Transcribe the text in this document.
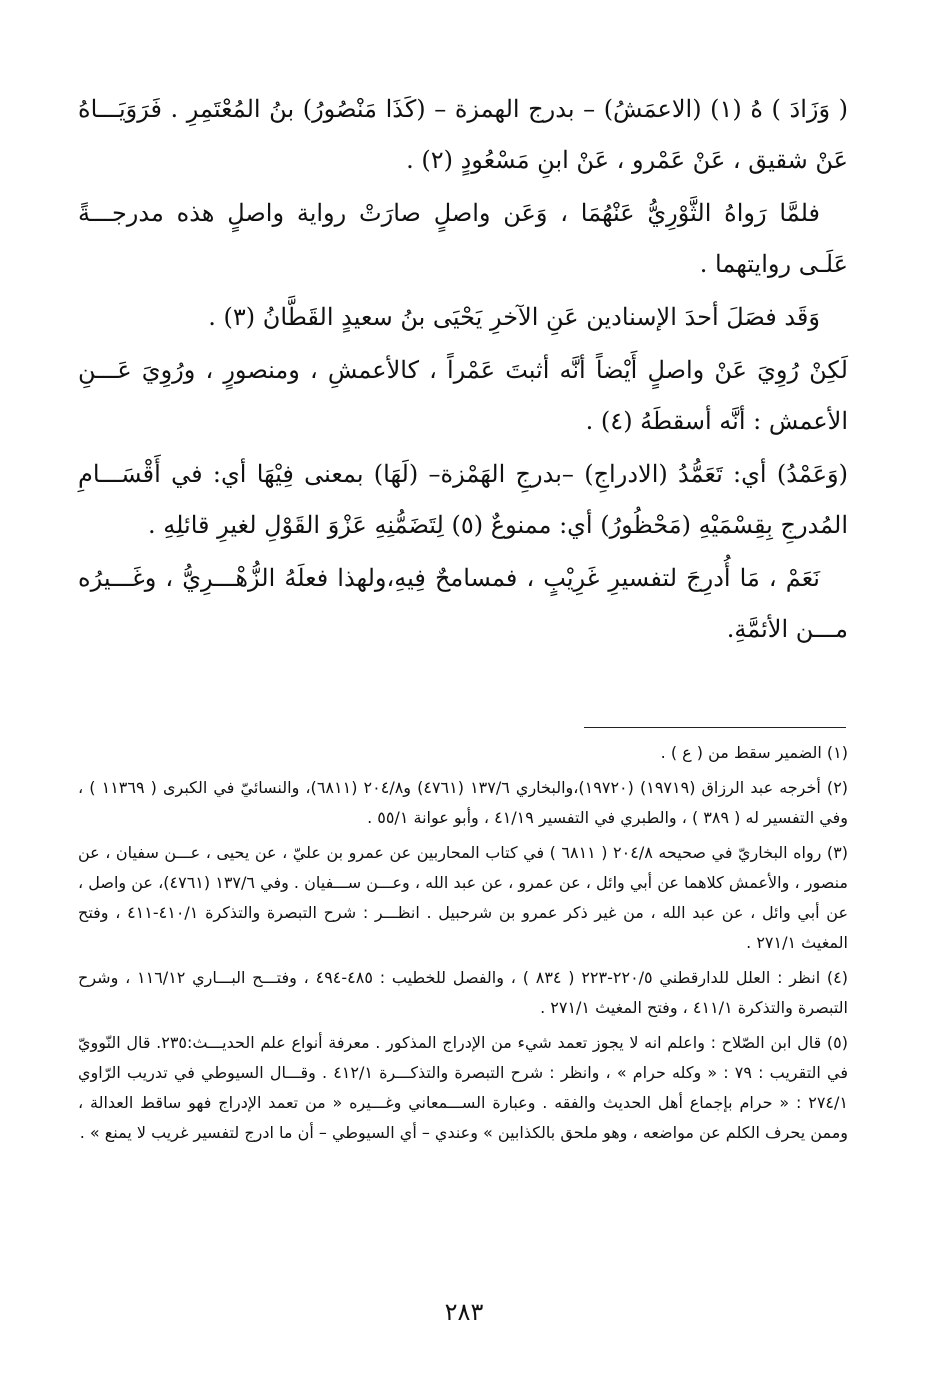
( وَزَادَ ) هُ (١) (الاعمَشُ) – بدرج الهمزة – (كَذَا مَنْصُورُ) بنُ المُعْتَمِرِ . فَرَوَيَـــاهُ عَنْ شقيق ، عَنْ عَمْرو ، عَنْ ابنِ مَسْعُودٍ (٢) .

فلمَّا رَواهُ الثَّوْرِيُّ عَنْهُمَا ، وَعَن واصلٍ صارَتْ رواية واصلٍ هذه مدرجـــةً عَلَـى روايتهما .

وَقَد فصَلَ أحدَ الإسنادين عَنِ الآخرِ يَحْيَى بنُ سعيدٍ القَطَّانُ (٣) .

لَكِنْ رُوِيَ عَنْ واصلٍ أَيْضاً أنَّه أثبتَ عَمْراً ، كالأعمشِ ، ومنصورٍ ، ورُوِيَ عَـــنِ الأعمش : أنَّه أسقطَهُ (٤) .

(وَعَمْدُ) أي: تَعَمُّدُ (الادراجِ) –بدرجِ الهَمْزة– (لَهَا) بمعنى فِيْهَا أي: في أَقْسَـــامِ المُدرجِ بِقِسْمَيْهِ (مَحْظُورُ) أي: ممنوعٌ (٥) لِتَضَمُّنِهِ عَزْوَ القَوْلِ لغيرِ قائلِهِ .

نَعَمْ ، مَا أُدرِجَ لتفسيرِ غَرِيْبٍ ، فمسامحٌ فِيهِ،ولهذا فعلَهُ الزُّهْـــرِيُّ ، وغَـــيرُه مـــن الأئمَّةِ.

(١) الضمير سقط من ( ع ) .

(٢) أخرجه عبد الرزاق (١٩٧١٩) (١٩٧٢٠)،والبخاري ١٣٧/٦ (٤٧٦١) و٢٠٤/٨ (٦٨١١)، والنسائيّ في الكبرى ( ١١٣٦٩ ) ، وفي التفسير له ( ٣٨٩ ) ، والطبري في التفسير ٤١/١٩ ، وأبو عوانة ٥٥/١ .

(٣) رواه البخاريّ في صحيحه ٢٠٤/٨ ( ٦٨١١ ) في كتاب المحاربين عن عمرو بن عليّ ، عن يحيى ، عـــن سفيان ، عن منصور ، والأعمش كلاهما عن أبي وائل ، عن عمرو ، عن عبد الله ، وعـــن ســـفيان . وفي ١٣٧/٦ (٤٧٦١)، عن واصل ، عن أبي وائل ، عن عبد الله ، من غير ذكر عمرو بن شرحبيل . انظـــر : شرح التبصرة والتذكرة ٤١٠/١-٤١١ ، وفتح المغيث ٢٧١/١ .

(٤) انظر : العلل للدارقطني ٢٢٠/٥-٢٢٣ ( ٨٣٤ ) ، والفصل للخطيب : ٤٨٥-٤٩٤ ، وفتـــح البـــاري ١١٦/١٢ ، وشرح التبصرة والتذكرة ٤١١/١ ، وفتح المغيث ٢٧١/١ .

(٥) قال ابن الصّلاح : واعلم انه لا يجوز تعمد شيء من الإدراج المذكور . معرفة أنواع علم الحديـــث:٢٣٥. قال النّوويّ في التقريب : ٧٩ : « وكله حرام » ، وانظر : شرح التبصرة والتذكـــرة ٤١٢/١ . وقـــال السيوطي في تدريب الرّاوي ٢٧٤/١ : « حرام بإجماع أهل الحديث والفقه . وعبارة الســـمعاني وغـــيره « من تعمد الإدراج فهو ساقط العدالة ، وممن يحرف الكلم عن مواضعه ، وهو ملحق بالكذابين » وعندي – أي السيوطي – أن ما ادرج لتفسير غريب لا يمنع » .

٢٨٣
